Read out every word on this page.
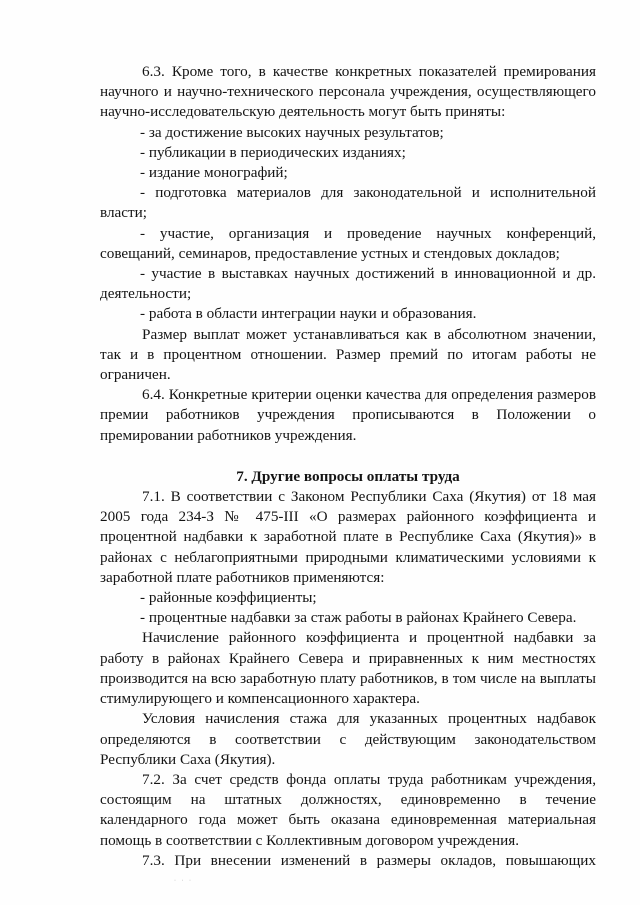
6.3. Кроме того, в качестве конкретных показателей премирования научного и научно-технического персонала учреждения, осуществляющего научно-исследовательскую деятельность могут быть приняты:

- за достижение высоких научных результатов;

- публикации в периодических изданиях;

- издание монографий;

- подготовка материалов для законодательной и исполнительной власти;

- участие, организация и проведение научных конференций, совещаний, семинаров, предоставление устных и стендовых докладов;

- участие в выставках научных достижений в инновационной и др. деятельности;

- работа в области интеграции науки и образования.

Размер выплат может устанавливаться как в абсолютном значении, так и в процентном отношении. Размер премий по итогам работы не ограничен.

6.4. Конкретные критерии оценки качества для определения размеров премии работников учреждения прописываются в Положении о премировании работников учреждения.

7. Другие вопросы оплаты труда

7.1. В соответствии с Законом Республики Саха (Якутия) от 18 мая 2005 года 234-З № 475-III «О размерах районного коэффициента и процентной надбавки к заработной плате в Республике Саха (Якутия)» в районах с неблагоприятными природными климатическими условиями к заработной плате работников применяются:

- районные коэффициенты;

- процентные надбавки за стаж работы в районах Крайнего Севера.

Начисление районного коэффициента и процентной надбавки за работу в районах Крайнего Севера и приравненных к ним местностях производится на всю заработную плату работников, в том числе на выплаты стимулирующего и компенсационного характера.

Условия начисления стажа для указанных процентных надбавок определяются в соответствии с действующим законодательством Республики Саха (Якутия).

7.2. За счет средств фонда оплаты труда работникам учреждения, состоящим на штатных должностях, единовременно в течение календарного года может быть оказана единовременная материальная помощь в соответствии с Коллективным договором учреждения.

7.3. При внесении изменений в размеры окладов, повышающих

· · ·
